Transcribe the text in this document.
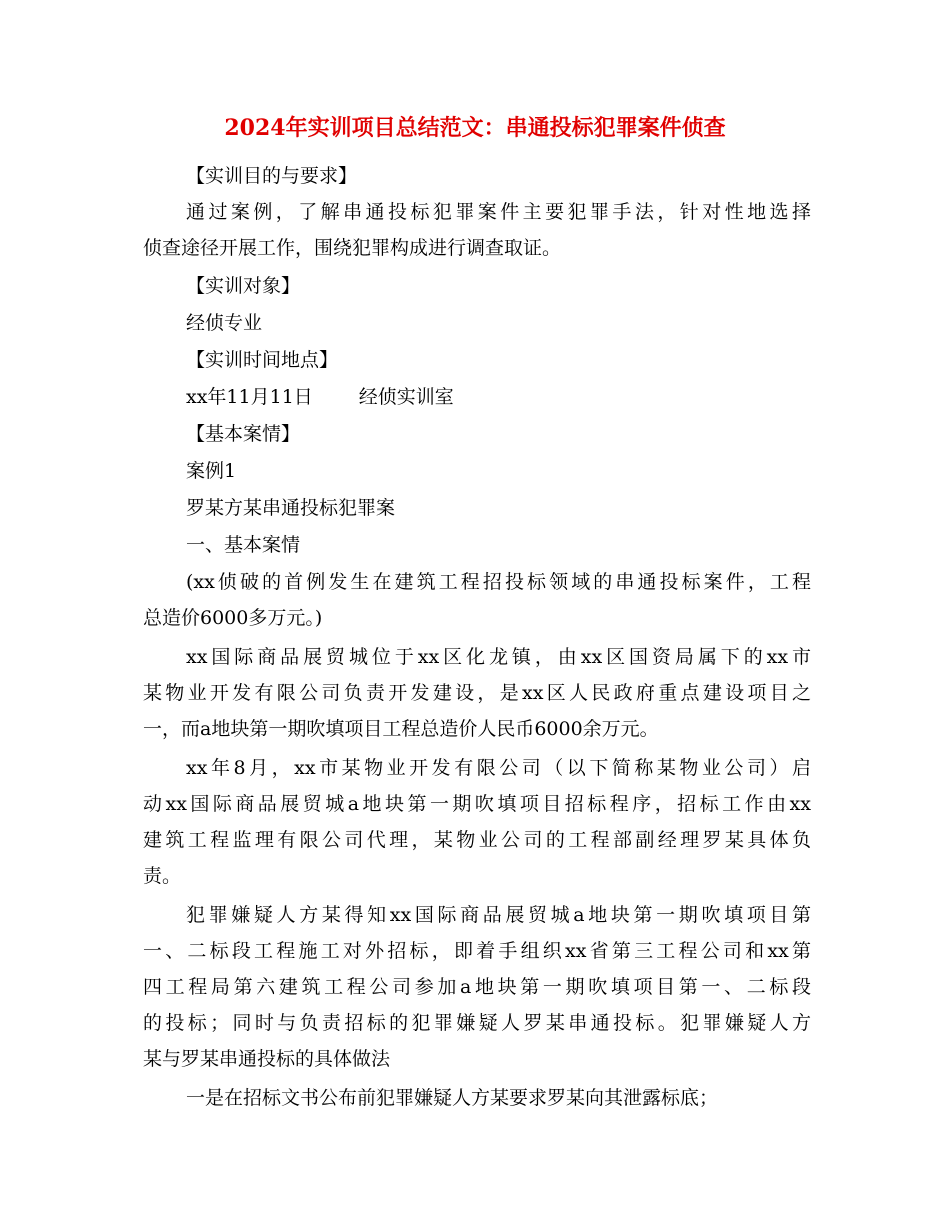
2024年实训项目总结范文：串通投标犯罪案件侦查
【实训目的与要求】
通过案例，了解串通投标犯罪案件主要犯罪手法，针对性地选择
侦查途径开展工作，围绕犯罪构成进行调查取证。
【实训对象】
经侦专业
【实训时间地点】
xx年11月11日 经侦实训室
【基本案情】
案例1
罗某方某串通投标犯罪案
一、基本案情
(xx侦破的首例发生在建筑工程招投标领域的串通投标案件，工程
总造价6000多万元。)
xx国际商品展贸城位于xx区化龙镇，由xx区国资局属下的xx市
某物业开发有限公司负责开发建设，是xx区人民政府重点建设项目之
一，而a地块第一期吹填项目工程总造价人民币6000余万元。
xx年8月，xx市某物业开发有限公司（以下简称某物业公司）启
动xx国际商品展贸城a地块第一期吹填项目招标程序，招标工作由xx
建筑工程监理有限公司代理，某物业公司的工程部副经理罗某具体负
责。
犯罪嫌疑人方某得知xx国际商品展贸城a地块第一期吹填项目第
一、二标段工程施工对外招标，即着手组织xx省第三工程公司和xx第
四工程局第六建筑工程公司参加a地块第一期吹填项目第一、二标段
的投标；同时与负责招标的犯罪嫌疑人罗某串通投标。犯罪嫌疑人方
某与罗某串通投标的具体做法
一是在招标文书公布前犯罪嫌疑人方某要求罗某向其泄露标底；
